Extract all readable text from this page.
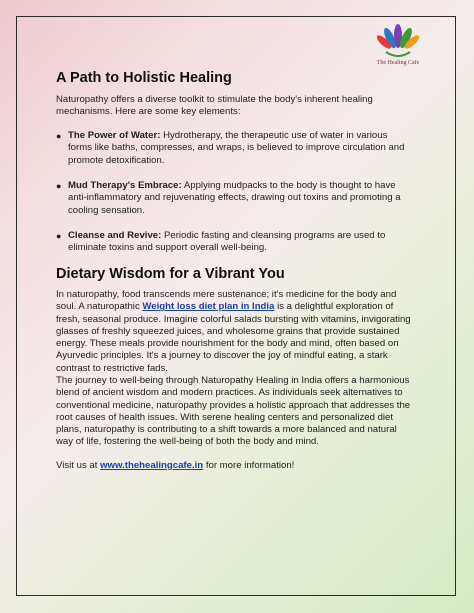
The Healing Cafe
A Path to Holistic Healing

Naturopathy offers a diverse toolkit to stimulate the body's inherent healing mechanisms. Here are some key elements:

● The Power of Water: Hydrotherapy, the therapeutic use of water in various forms like baths, compresses, and wraps, is believed to improve circulation and promote detoxification.
● Mud Therapy's Embrace: Applying mudpacks to the body is thought to have anti-inflammatory and rejuvenating effects, drawing out toxins and promoting a cooling sensation.
● Cleanse and Revive: Periodic fasting and cleansing programs are used to eliminate toxins and support overall well-being.
Dietary Wisdom for a Vibrant You

In naturopathy, food transcends mere sustenance; it's medicine for the body and soul. A naturopathic Weight loss diet plan in India is a delightful exploration of fresh, seasonal produce. Imagine colorful salads bursting with vitamins, invigorating glasses of freshly squeezed juices, and wholesome grains that provide sustained energy. These meals provide nourishment for the body and mind, often based on Ayurvedic principles. It's a journey to discover the joy of mindful eating, a stark contrast to restrictive fads.

The journey to well-being through Naturopathy Healing in India offers a harmonious blend of ancient wisdom and modern practices. As individuals seek alternatives to conventional medicine, naturopathy provides a holistic approach that addresses the root causes of health issues. With serene healing centers and personalized diet plans, naturopathy is contributing to a shift towards a more balanced and natural way of life, fostering the well-being of both the body and mind.

Visit us at www.thehealingcafe.in for more information!
